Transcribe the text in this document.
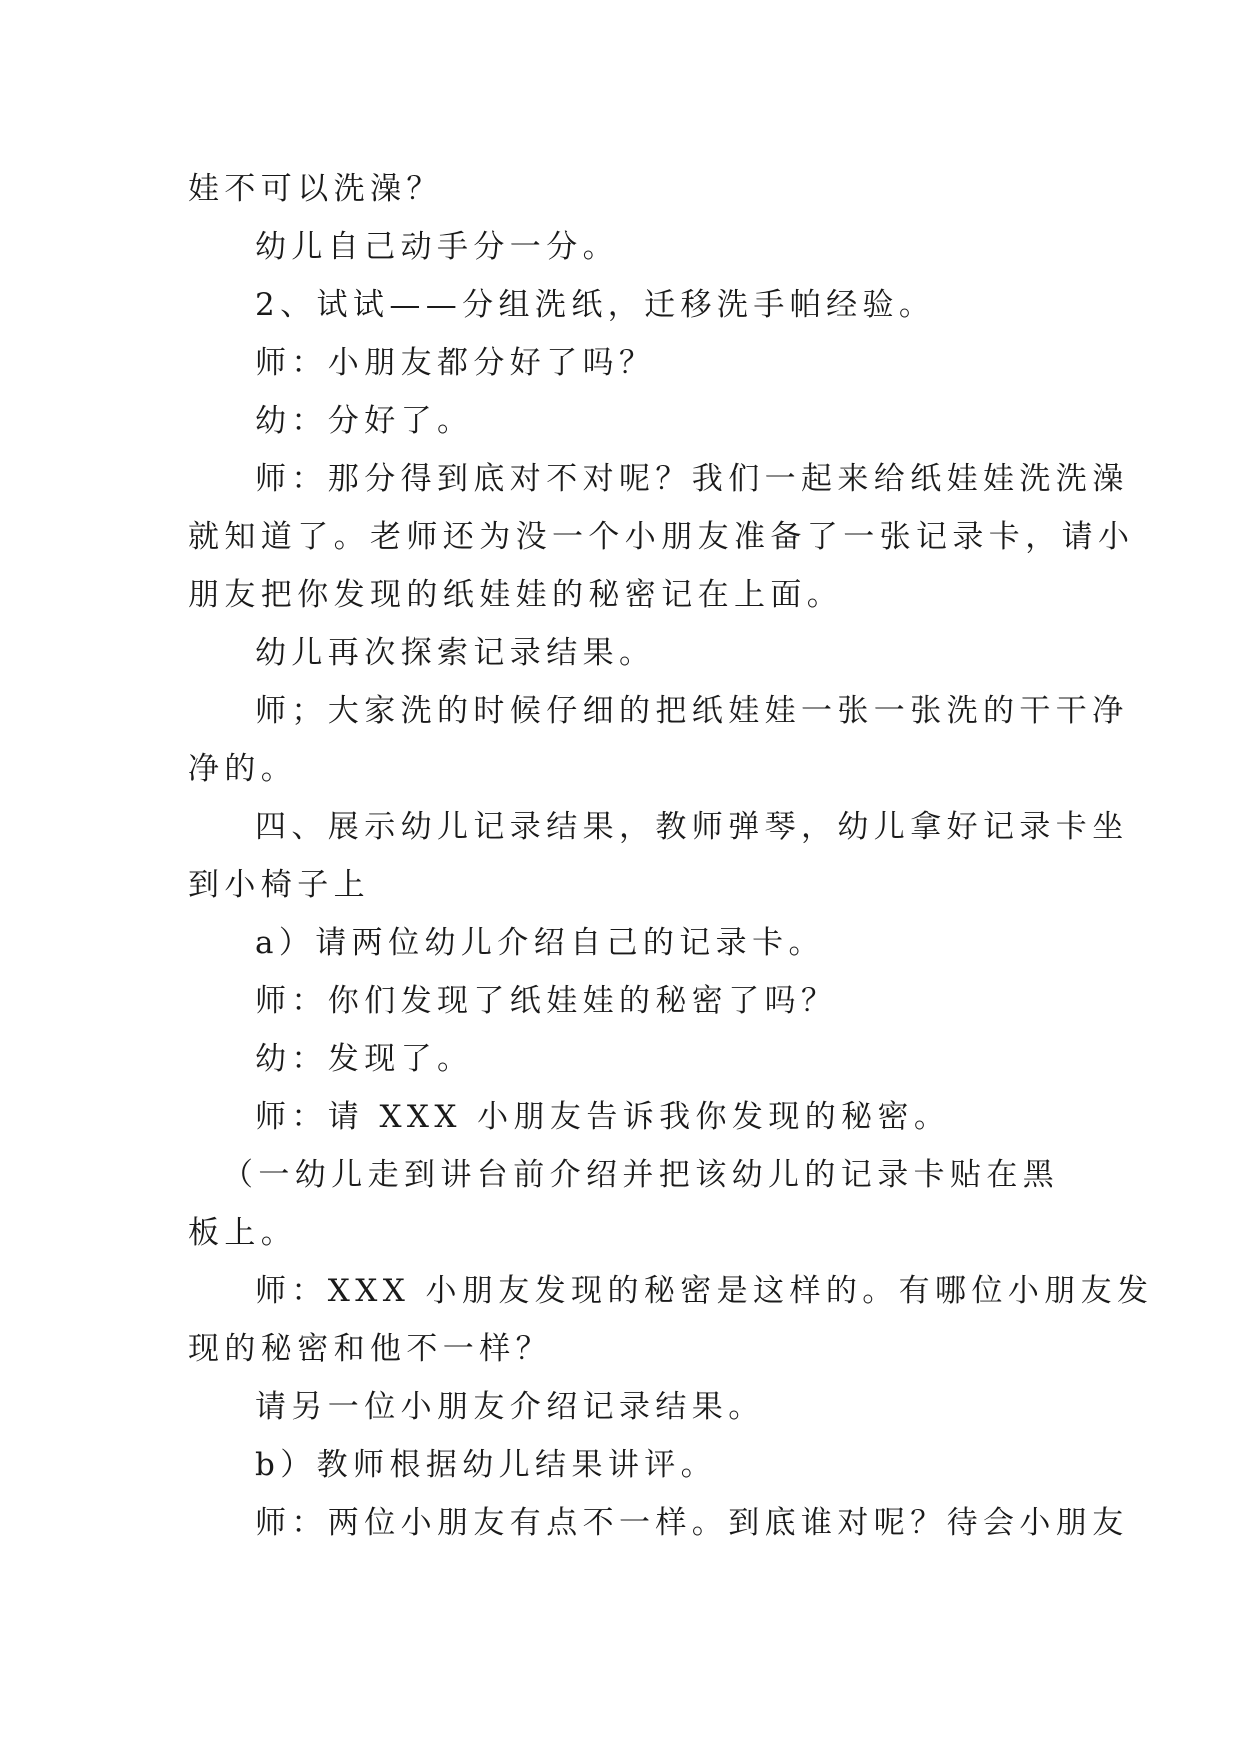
娃不可以洗澡？
幼儿自己动手分一分。
2、试试——分组洗纸，迁移洗手帕经验。
师：小朋友都分好了吗？
幼：分好了。
师：那分得到底对不对呢？我们一起来给纸娃娃洗洗澡
就知道了。老师还为没一个小朋友准备了一张记录卡，请小
朋友把你发现的纸娃娃的秘密记在上面。
幼儿再次探索记录结果。
师；大家洗的时候仔细的把纸娃娃一张一张洗的干干净
净的。
四、展示幼儿记录结果，教师弹琴，幼儿拿好记录卡坐
到小椅子上
a）请两位幼儿介绍自己的记录卡。
师：你们发现了纸娃娃的秘密了吗？
幼：发现了。
师：请 XXX 小朋友告诉我你发现的秘密。
（一幼儿走到讲台前介绍并把该幼儿的记录卡贴在黑
板上。
师：XXX 小朋友发现的秘密是这样的。有哪位小朋友发
现的秘密和他不一样？
请另一位小朋友介绍记录结果。
b）教师根据幼儿结果讲评。
师：两位小朋友有点不一样。到底谁对呢？待会小朋友
